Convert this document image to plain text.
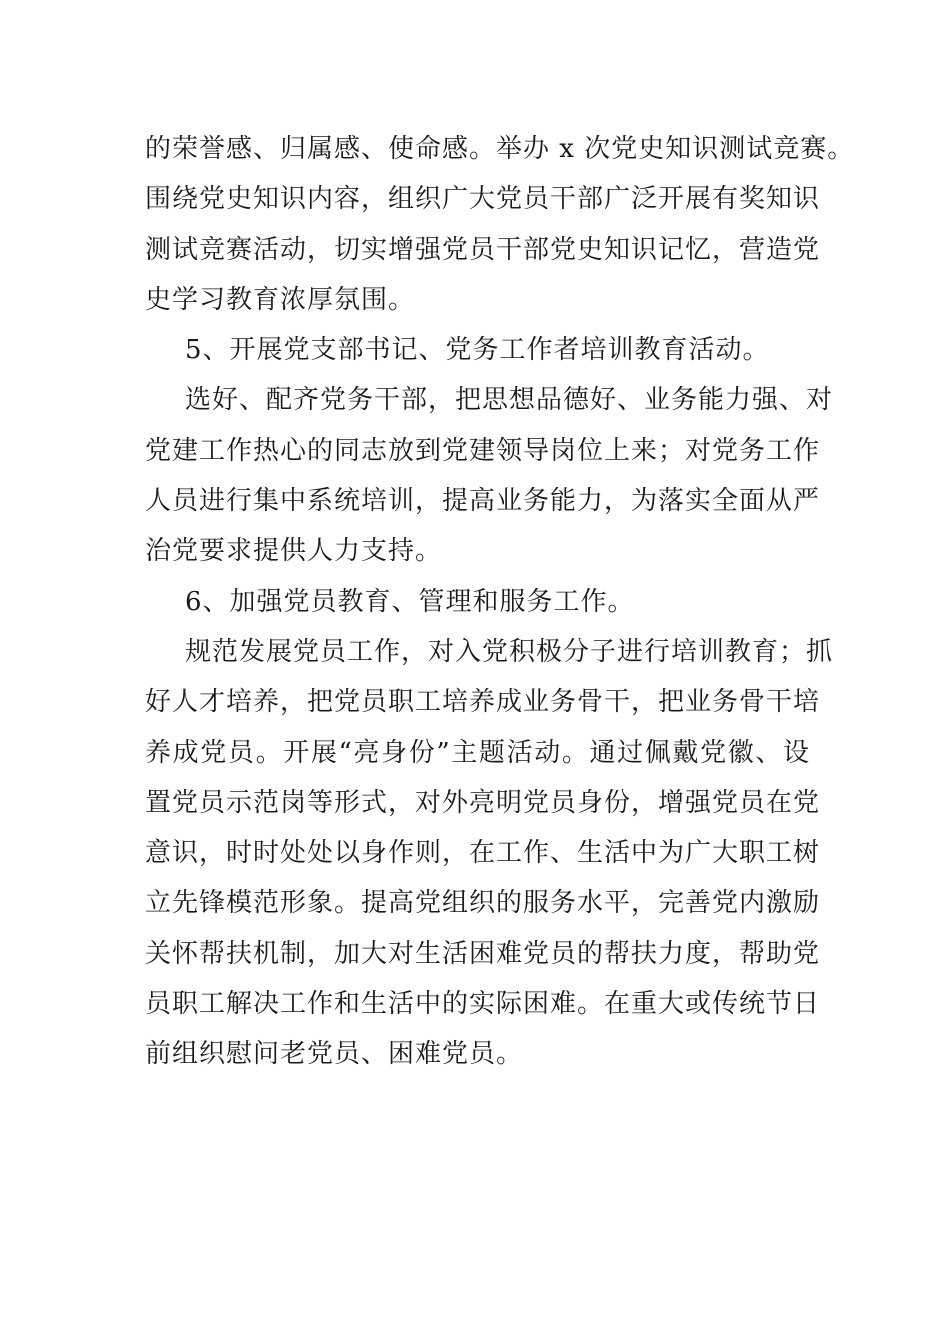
的荣誉感、归属感、使命感。举办 x 次党史知识测试竞赛。
围绕党史知识内容，组织广大党员干部广泛开展有奖知识
测试竞赛活动，切实增强党员干部党史知识记忆，营造党
史学习教育浓厚氛围。
5、开展党支部书记、党务工作者培训教育活动。
选好、配齐党务干部，把思想品德好、业务能力强、对
党建工作热心的同志放到党建领导岗位上来；对党务工作
人员进行集中系统培训，提高业务能力，为落实全面从严
治党要求提供人力支持。
6、加强党员教育、管理和服务工作。
规范发展党员工作，对入党积极分子进行培训教育；抓
好人才培养，把党员职工培养成业务骨干，把业务骨干培
养成党员。开展“亮身份”主题活动。通过佩戴党徽、设
置党员示范岗等形式，对外亮明党员身份，增强党员在党
意识，时时处处以身作则，在工作、生活中为广大职工树
立先锋模范形象。提高党组织的服务水平，完善党内激励
关怀帮扶机制，加大对生活困难党员的帮扶力度，帮助党
员职工解决工作和生活中的实际困难。在重大或传统节日
前组织慰问老党员、困难党员。
